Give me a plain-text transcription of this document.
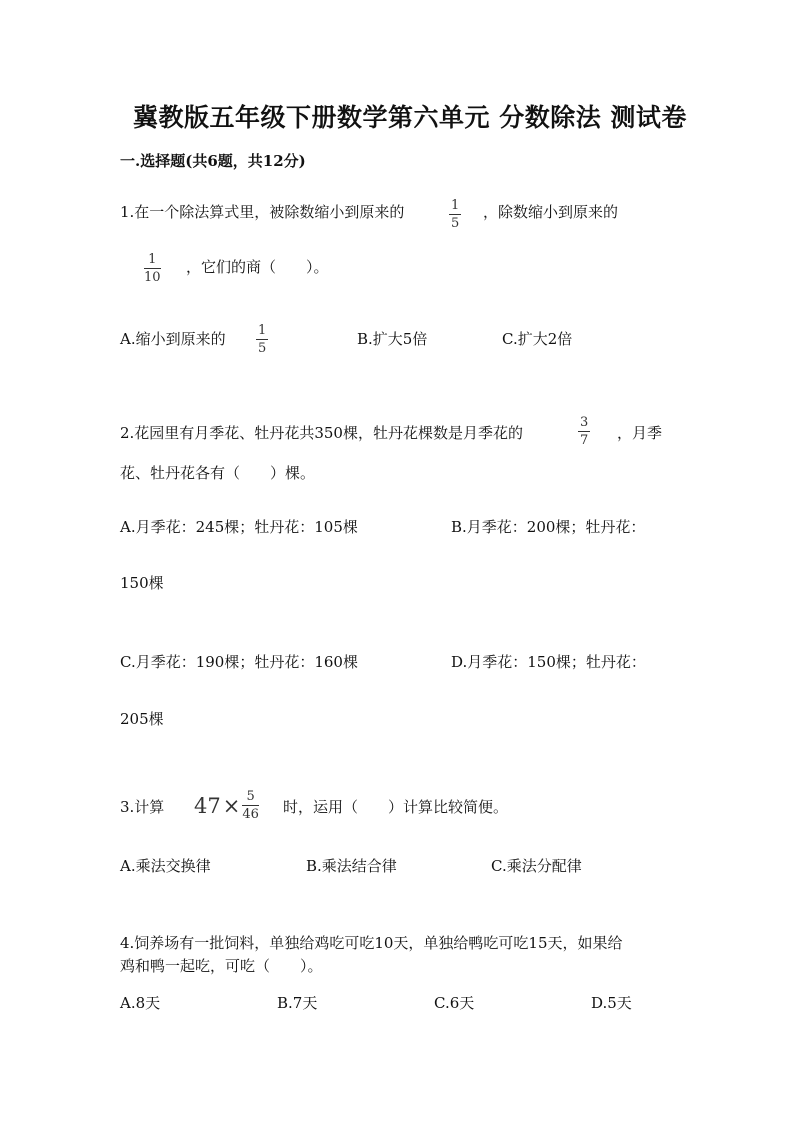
冀教版五年级下册数学第六单元 分数除法 测试卷
一.选择题(共6题，共12分)
1.在一个除法算式里，被除数缩小到原来的	1
5
，除数缩小到原来的
1
10
，它们的商（　　）。
A.缩小到原来的 1
5
B.扩大5倍	C.扩大2倍
2.花园里有月季花、牡丹花共350棵，牡丹花棵数是月季花的
3
7 ，月季
花、牡丹花各有（　　）棵。
A.月季花：245棵；牡丹花：105棵	B.月季花：200棵；牡丹花：
150棵
C.月季花：190棵；牡丹花：160棵	D.月季花：150棵；牡丹花：
205棵
3.计算 $47 \times \frac{5}{46}$ 时，运用（　　）计算比较简便。
A.乘法交换律	B.乘法结合律	C.乘法分配律
4.饲养场有一批饲料，单独给鸡吃可吃10天，单独给鸭吃可吃15天，如果给
鸡和鸭一起吃，可吃（　　）。
A.8天	B.7天	C.6天	D.5天
